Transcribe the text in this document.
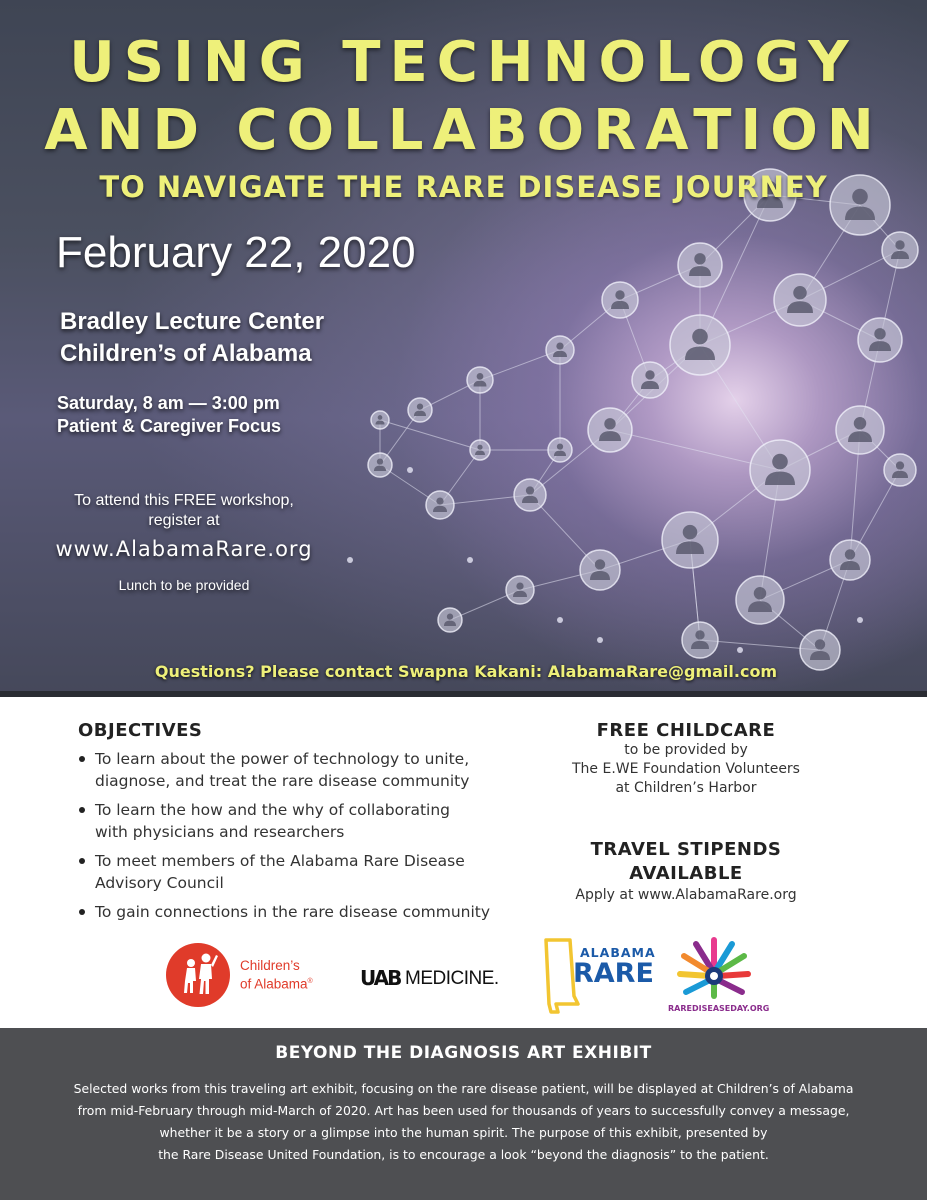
USING TECHNOLOGY
AND COLLABORATION
TO NAVIGATE THE RARE DISEASE JOURNEY
February 22, 2020
Bradley Lecture Center
Children’s of Alabama
Saturday, 8 am — 3:00 pm
Patient & Caregiver Focus
To attend this FREE workshop,
register at
www.AlabamaRare.org
Lunch to be provided
Questions? Please contact Swapna Kakani: AlabamaRare@gmail.com
OBJECTIVES
To learn about the power of technology to unite,
diagnose, and treat the rare disease community
To learn the how and the why of collaborating
with physicians and researchers
To meet members of the Alabama Rare Disease
Advisory Council
To gain connections in the rare disease community
FREE CHILDCARE
to be provided by
The E.WE Foundation Volunteers
at Children’s Harbor
TRAVEL STIPENDS
AVAILABLE
Apply at www.AlabamaRare.org
Children’s
of Alabama® UAB MEDICINE.
ALABAMA
RARE
RAREDISEASEDAY.ORG
BEYOND THE DIAGNOSIS ART EXHIBIT
Selected works from this traveling art exhibit, focusing on the rare disease patient, will be displayed at Children’s of Alabama
from mid-February through mid-March of 2020. Art has been used for thousands of years to successfully convey a message,
whether it be a story or a glimpse into the human spirit. The purpose of this exhibit, presented by
the Rare Disease United Foundation, is to encourage a look “beyond the diagnosis” to the patient.
